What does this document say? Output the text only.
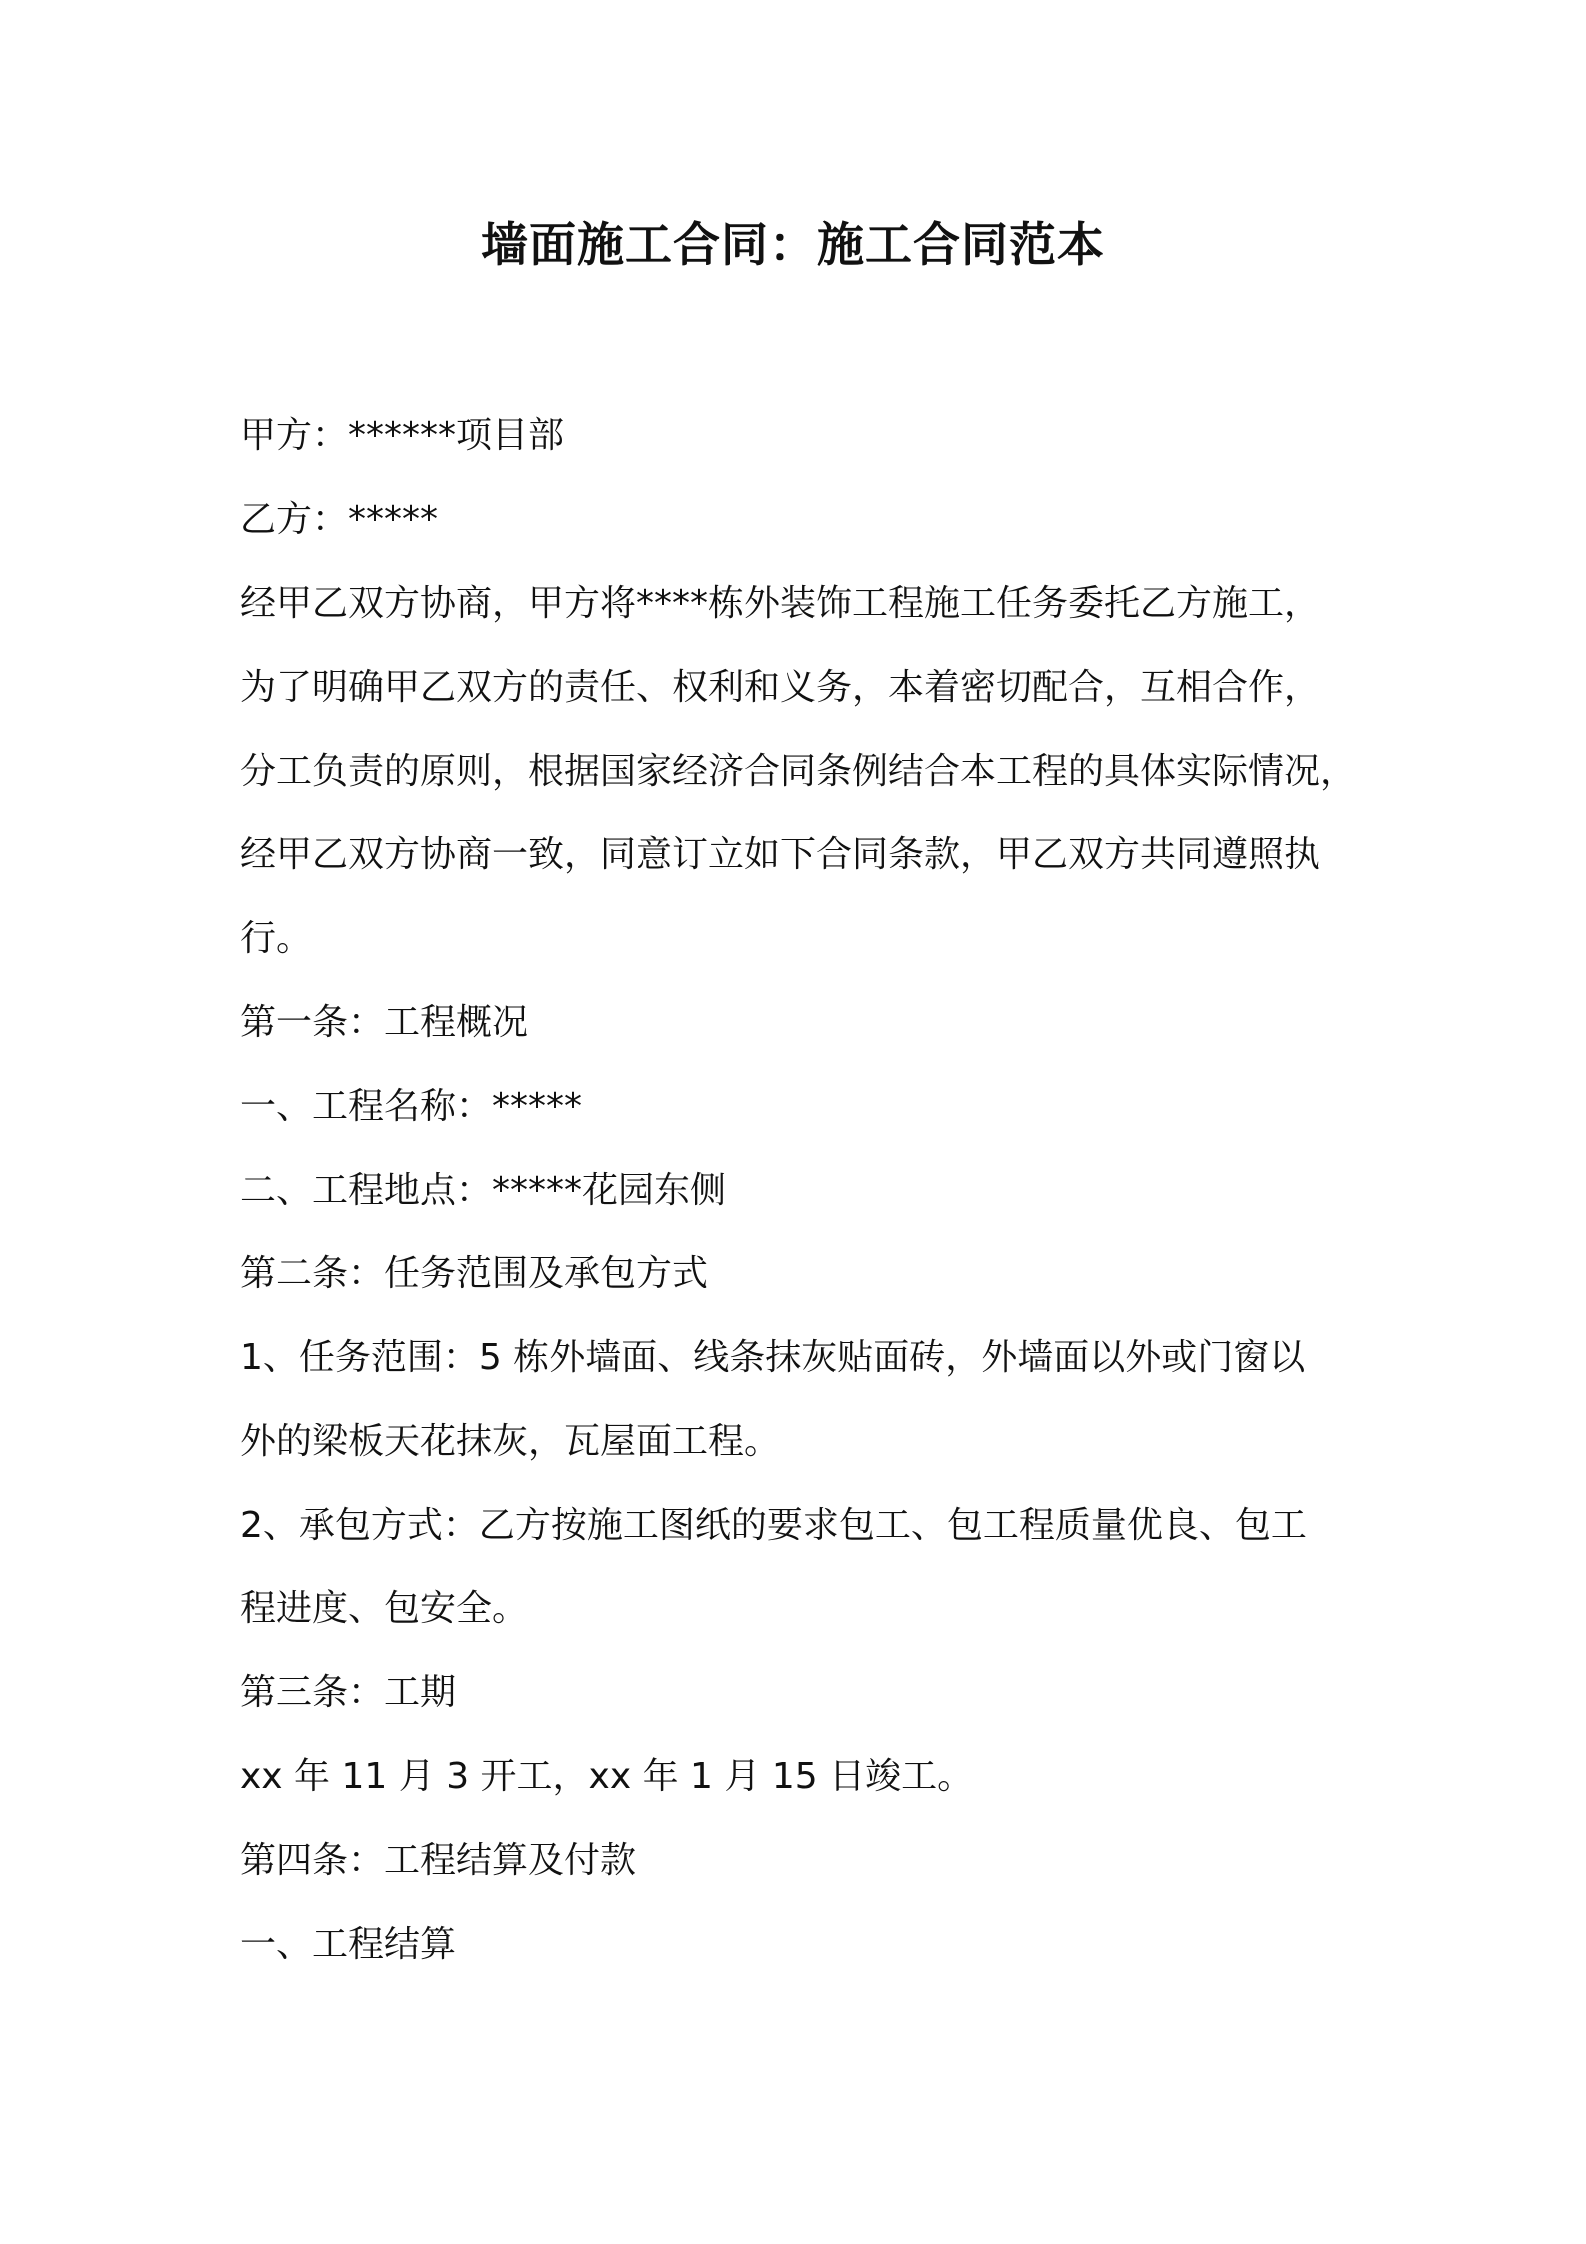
墙面施工合同：施工合同范本
甲方：******项目部
乙方：*****
经甲乙双方协商，甲方将****栋外装饰工程施工任务委托乙方施工，
为了明确甲乙双方的责任、权利和义务，本着密切配合，互相合作，
分工负责的原则，根据国家经济合同条例结合本工程的具体实际情况，
经甲乙双方协商一致，同意订立如下合同条款，甲乙双方共同遵照执
行。
第一条：工程概况
一、工程名称：*****
二、工程地点：*****花园东侧
第二条：任务范围及承包方式
1、任务范围：5 栋外墙面、线条抹灰贴面砖，外墙面以外或门窗以
外的梁板天花抹灰，瓦屋面工程。
2、承包方式：乙方按施工图纸的要求包工、包工程质量优良、包工
程进度、包安全。
第三条：工期
xx 年 11 月 3 开工，xx 年 1 月 15 日竣工。
第四条：工程结算及付款
一、工程结算
